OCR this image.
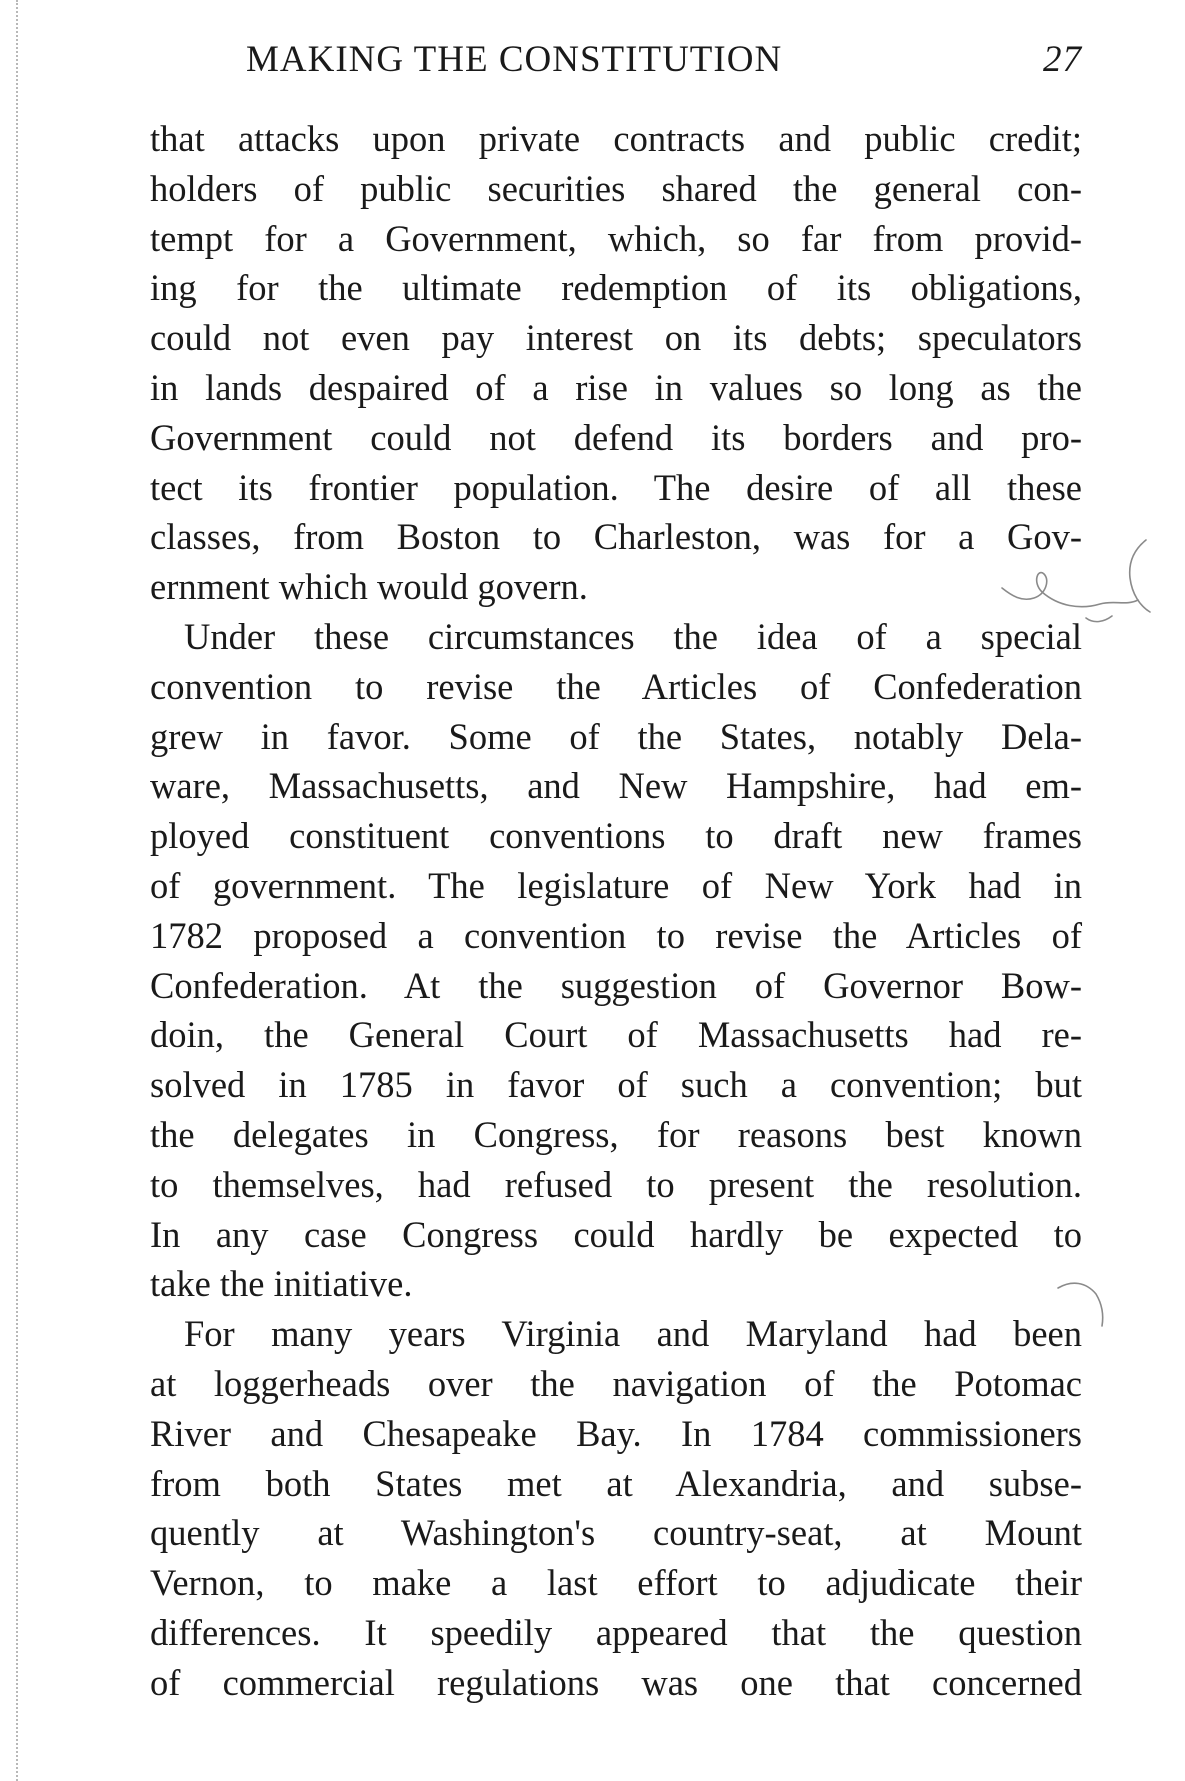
MAKING THE CONSTITUTION	27
that attacks upon private contracts and public credit;
holders of public securities shared the general con-
tempt for a Government, which, so far from provid-
ing for the ultimate redemption of its obligations,
could not even pay interest on its debts; speculators
in lands despaired of a rise in values so long as the
Government could not defend its borders and pro-
tect its frontier population. The desire of all these
classes, from Boston to Charleston, was for a Gov-
ernment which would govern.
Under these circumstances the idea of a special
convention to revise the Articles of Confederation
grew in favor. Some of the States, notably Dela-
ware, Massachusetts, and New Hampshire, had em-
ployed constituent conventions to draft new frames
of government. The legislature of New York had in
1782 proposed a convention to revise the Articles of
Confederation. At the suggestion of Governor Bow-
doin, the General Court of Massachusetts had re-
solved in 1785 in favor of such a convention; but
the delegates in Congress, for reasons best known
to themselves, had refused to present the resolution.
In any case Congress could hardly be expected to
take the initiative.
For many years Virginia and Maryland had been
at loggerheads over the navigation of the Potomac
River and Chesapeake Bay. In 1784 commissioners
from both States met at Alexandria, and subse-
quently at Washington's country-seat, at Mount
Vernon, to make a last effort to adjudicate their
differences. It speedily appeared that the question
of commercial regulations was one that concerned
